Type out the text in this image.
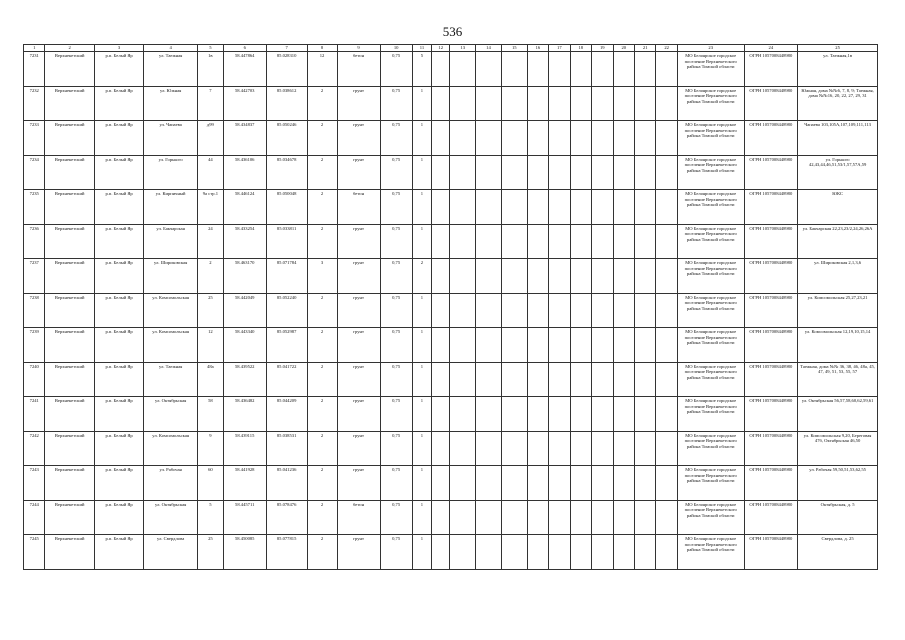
536
1	2	3	4	5	6	7	8	9	10	11	12	13	14	15	16	17	18	19	20	21	22	23	24	25
7231	Верхнекетский	р.п. Белый Яр	ул. Таежная	1в	58.447864	85.028310	12	бетон	0,75	5												МО Белоярское городское поселение Верхнекетского района Томской области	ОГРН 1057008448980	ул. Таежная,1в
7232	Верхнекетский	р.п. Белый Яр	ул. Южная	7	58.442703	85.038612	2	грунт	0,75	1												МО Белоярское городское поселение Верхнекетского района Томской области	ОГРН 1057008448980	Южная, дома №№6, 7, 8, 9; Таежная, дома №№16, 20, 22, 27, 29, 31
7233	Верхнекетский	р.п. Белый Яр	ул. Чапаева	д99	58.434837	85.050246	2	грунт	0,75	1												МО Белоярское городское поселение Верхнекетского района Томской области	ОГРН 1057008448980	Чапаева 103,105А,107,109,111,113
7234	Верхнекетский	р.п. Белый Яр	ул. Горького	44	58.436106	85.034678	2	грунт	0,75	1												МО Белоярское городское поселение Верхнекетского района Томской области	ОГРН 1057008448980	ул. Горького 42,43,44,46,51,53/1,57,57А,59
7235	Верхнекетский	р.п. Белый Яр	ул. Кирпичный	9а стр.1	58.446124	85.050048	2	бетон	0,75	1												МО Белоярское городское поселение Верхнекетского района Томской области	ОГРН 1057008448980	ЮКС
7236	Верхнекетский	р.п. Белый Яр	ул. Бакчарская	24	58.433254	85.033811	2	грунт	0,75	1												МО Белоярское городское поселение Верхнекетского района Томской области	ОГРН 1057008448980	ул. Бакчарская 22,23,23/2,24,26,26А
7237	Верхнекетский	р.п. Белый Яр	ул. Широковская	2	58.463170	85.071784	3	грунт	0,75	2												МО Белоярское городское поселение Верхнекетского района Томской области	ОГРН 1057008448980	ул. Широковская 2,1,3,6
7238	Верхнекетский	р.п. Белый Яр	ул. Комсомольская	25	58.442049	85.052240	2	грунт	0,75	1												МО Белоярское городское поселение Верхнекетского района Томской области	ОГРН 1057008448980	ул. Комсомольская 25,27,23,21
7239	Верхнекетский	р.п. Белый Яр	ул. Комсомольская	12	58.443340	85.052987	2	грунт	0,75	1												МО Белоярское городское поселение Верхнекетского района Томской области	ОГРН 1057008448980	ул. Комсомольская 12,19,10,15,14
7240	Верхнекетский	р.п. Белый Яр	ул. Таежная	48а	58.439522	85.041722	2	грунт	0,75	1												МО Белоярское городское поселение Верхнекетского района Томской области	ОГРН 1057008448980	Таежная, дома №№ 36, 38, 46, 48а, 45, 47, 49, 51, 53, 55, 57
7241	Верхнекетский	р.п. Белый Яр	ул. Октябрьская	58	58.436482	85.044209	2	грунт	0,75	1												МО Белоярское городское поселение Верхнекетского района Томской области	ОГРН 1057008448980	ул. Октябрьская 56,57,58,60,62,59,61
7242	Верхнекетский	р.п. Белый Яр	ул. Комсомольская	9	58.439115	85.038531	2	грунт	0,75	1												МО Белоярское городское поселение Верхнекетского района Томской области	ОГРН 1057008448980	ул. Комсомольская 9,20, Береговая 47б, Октябрьская 46,50
7243	Верхнекетский	р.п. Белый Яр	ул. Рабочая	60	58.441928	85.041236	2	грунт	0,75	1												МО Белоярское городское поселение Верхнекетского района Томской области	ОГРН 1057008448980	ул. Рабочая 59,50,51,53,62,55
7244	Верхнекетский	р.п. Белый Яр	ул. Октябрьская	5	58.445711	85.078476	2	бетон	0,75	1												МО Белоярское городское поселение Верхнекетского района Томской области	ОГРН 1057008448980	Октябрьская, д. 5
7245	Верхнекетский	р.п. Белый Яр	ул. Свердлова	25	58.450085	85.077815	2	грунт	0,75	1												МО Белоярское городское поселение Верхнекетского района Томской области	ОГРН 1057008448980	Свердлова, д. 25
